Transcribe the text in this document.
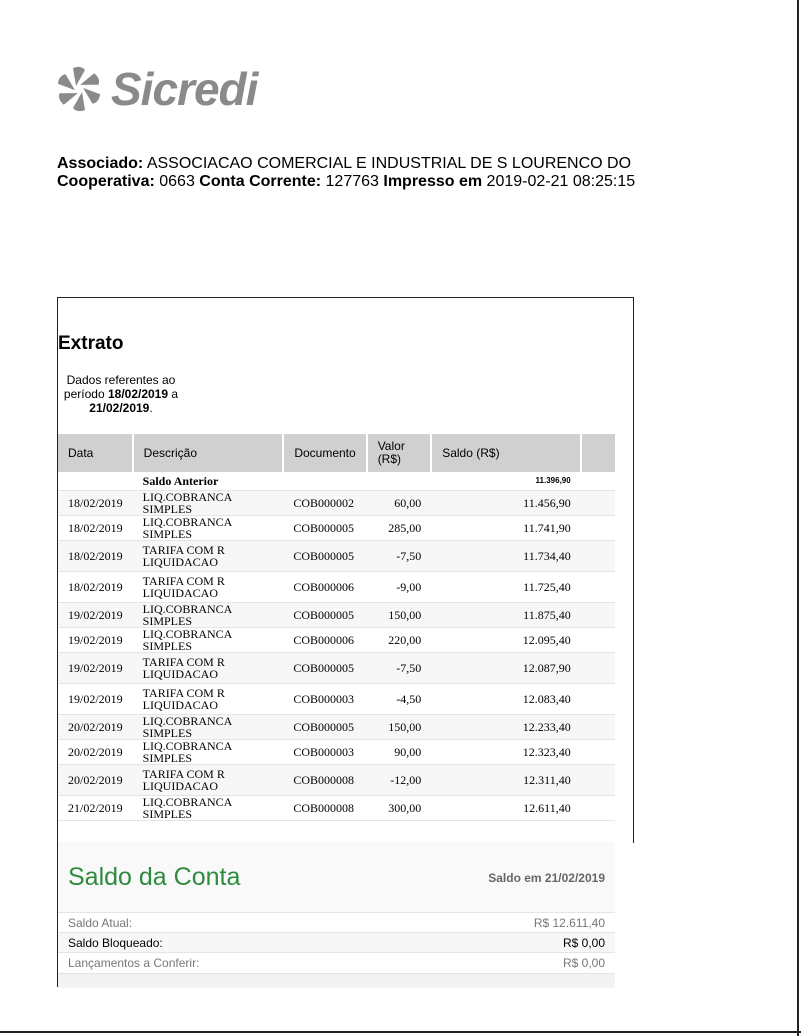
Sicredi
Associado: ASSOCIACAO COMERCIAL E INDUSTRIAL DE S LOURENCO DO
Cooperativa: 0663 Conta Corrente: 127763 Impresso em 2019-02-21 08:25:15
Extrato
Dados referentes ao período 18/02/2019 a 21/02/2019.
Data	Descrição	Documento	Valor (R$)	Saldo (R$)	
	Saldo Anterior			11.396,90	
18/02/2019	LIQ.COBRANCA SIMPLES	COB000002	60,00	11.456,90	
18/02/2019	LIQ.COBRANCA SIMPLES	COB000005	285,00	11.741,90	
18/02/2019	TARIFA COM R LIQUIDACAO	COB000005	-7,50	11.734,40	
18/02/2019	TARIFA COM R LIQUIDACAO	COB000006	-9,00	11.725,40	
19/02/2019	LIQ.COBRANCA SIMPLES	COB000005	150,00	11.875,40	
19/02/2019	LIQ.COBRANCA SIMPLES	COB000006	220,00	12.095,40	
19/02/2019	TARIFA COM R LIQUIDACAO	COB000005	-7,50	12.087,90	
19/02/2019	TARIFA COM R LIQUIDACAO	COB000003	-4,50	12.083,40	
20/02/2019	LIQ.COBRANCA SIMPLES	COB000005	150,00	12.233,40	
20/02/2019	LIQ.COBRANCA SIMPLES	COB000003	90,00	12.323,40	
20/02/2019	TARIFA COM R LIQUIDACAO	COB000008	-12,00	12.311,40	
21/02/2019	LIQ.COBRANCA SIMPLES	COB000008	300,00	12.611,40	
Saldo da Conta	Saldo em 21/02/2019
Saldo Atual:	R$ 12.611,40
Saldo Bloqueado:	R$ 0,00
Lançamentos a Conferir:	R$ 0,00
